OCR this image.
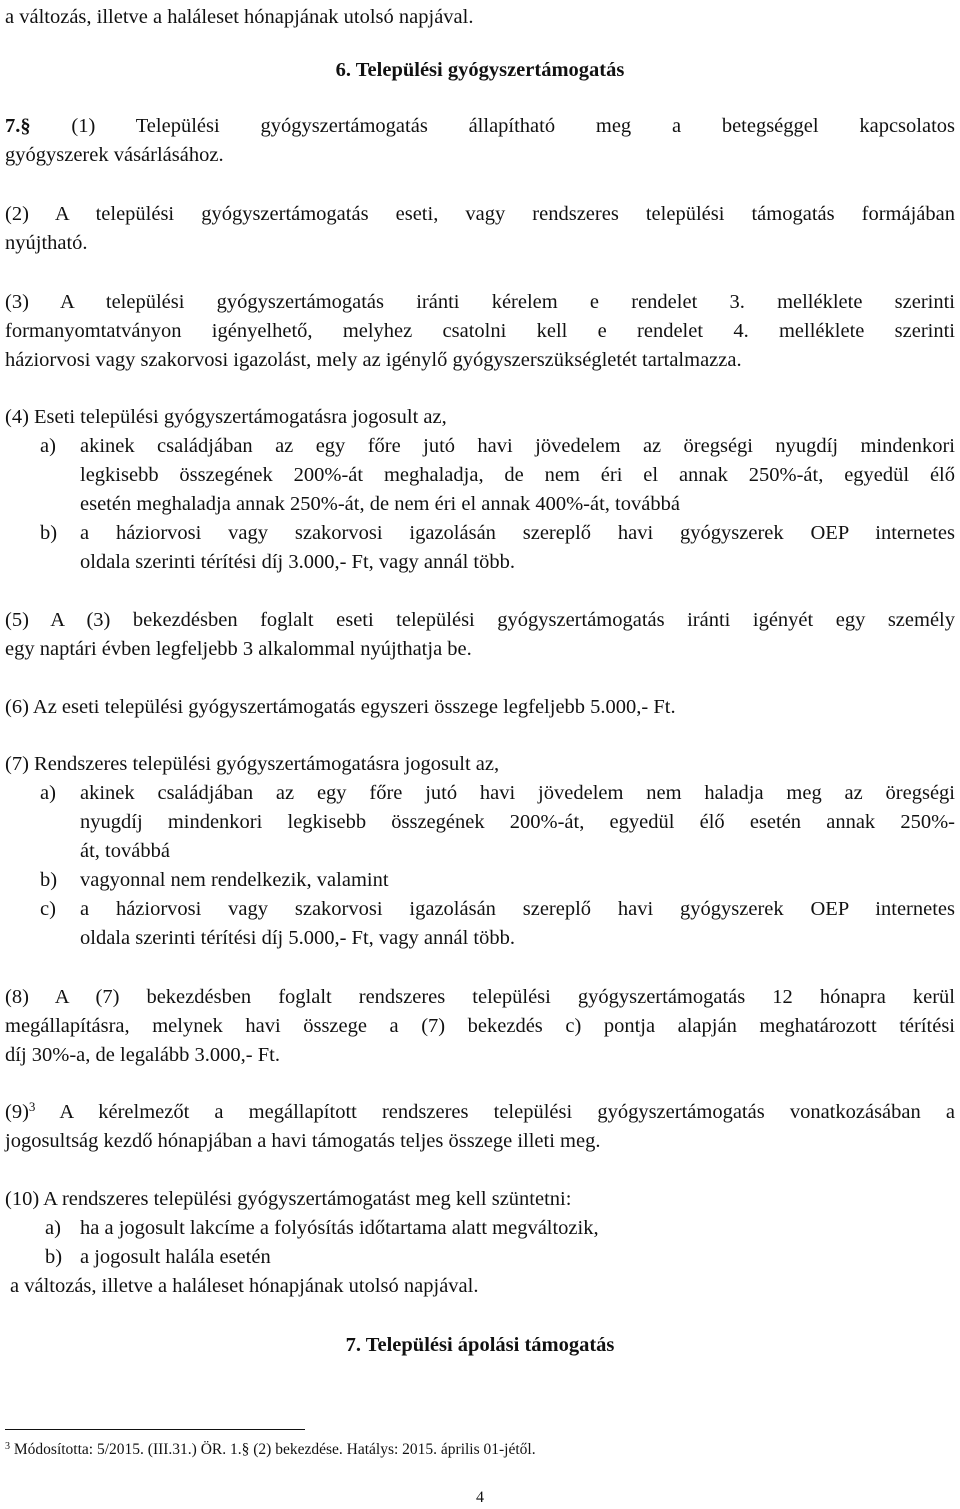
a változás, illetve a haláleset hónapjának utolsó napjával.
6. Települési gyógyszertámogatás
7.§ (1) Települési gyógyszertámogatás állapítható meg a betegséggel kapcsolatos
gyógyszerek vásárlásához.
(2) A települési gyógyszertámogatás eseti, vagy rendszeres települési támogatás formájában
nyújtható.
(3) A települési gyógyszertámogatás iránti kérelem e rendelet 3. melléklete szerinti
formanyomtatványon igényelhető, melyhez csatolni kell e rendelet 4. melléklete szerinti
háziorvosi vagy szakorvosi igazolást, mely az igénylő gyógyszerszükségletét tartalmazza.
(4) Eseti települési gyógyszertámogatásra jogosult az,
a)	akinek családjában az egy főre jutó havi jövedelem az öregségi nyugdíj mindenkori
legkisebb összegének 200%-át meghaladja, de nem éri el annak 250%-át, egyedül élő
esetén meghaladja annak 250%-át, de nem éri el annak 400%-át, továbbá
b)	a háziorvosi vagy szakorvosi igazolásán szereplő havi gyógyszerek OEP internetes
oldala szerinti térítési díj 3.000,- Ft, vagy annál több.
(5) A (3) bekezdésben foglalt eseti települési gyógyszertámogatás iránti igényét egy személy
egy naptári évben legfeljebb 3 alkalommal nyújthatja be.
(6) Az eseti települési gyógyszertámogatás egyszeri összege legfeljebb 5.000,- Ft.
(7) Rendszeres települési gyógyszertámogatásra jogosult az,
a)	akinek családjában az egy főre jutó havi jövedelem nem haladja meg az öregségi
nyugdíj mindenkori legkisebb összegének 200%-át, egyedül élő esetén annak 250%-
át, továbbá
b) vagyonnal nem rendelkezik, valamint
c)	a háziorvosi vagy szakorvosi igazolásán szereplő havi gyógyszerek OEP internetes
oldala szerinti térítési díj 5.000,- Ft, vagy annál több.
(8) A (7) bekezdésben foglalt rendszeres települési gyógyszertámogatás 12 hónapra kerül
megállapításra, melynek havi összege a (7) bekezdés c) pontja alapján meghatározott térítési
díj 30%-a, de legalább 3.000,- Ft.
$(9)^3$ A kérelmezőt a megállapított rendszeres települési gyógyszertámogatás vonatkozásában a
jogosultság kezdő hónapjában a havi támogatás teljes összege illeti meg.
(10) A rendszeres települési gyógyszertámogatást meg kell szüntetni:
a) ha a jogosult lakcíme a folyósítás időtartama alatt megváltozik,
b) a jogosult halála esetén
a változás, illetve a haláleset hónapjának utolsó napjával.
7. Települési ápolási támogatás
$^3$ Módosította: 5/2015. (III.31.) ÖR. 1.§ (2) bekezdése. Hatálys: 2015. április 01-jétől.
4
